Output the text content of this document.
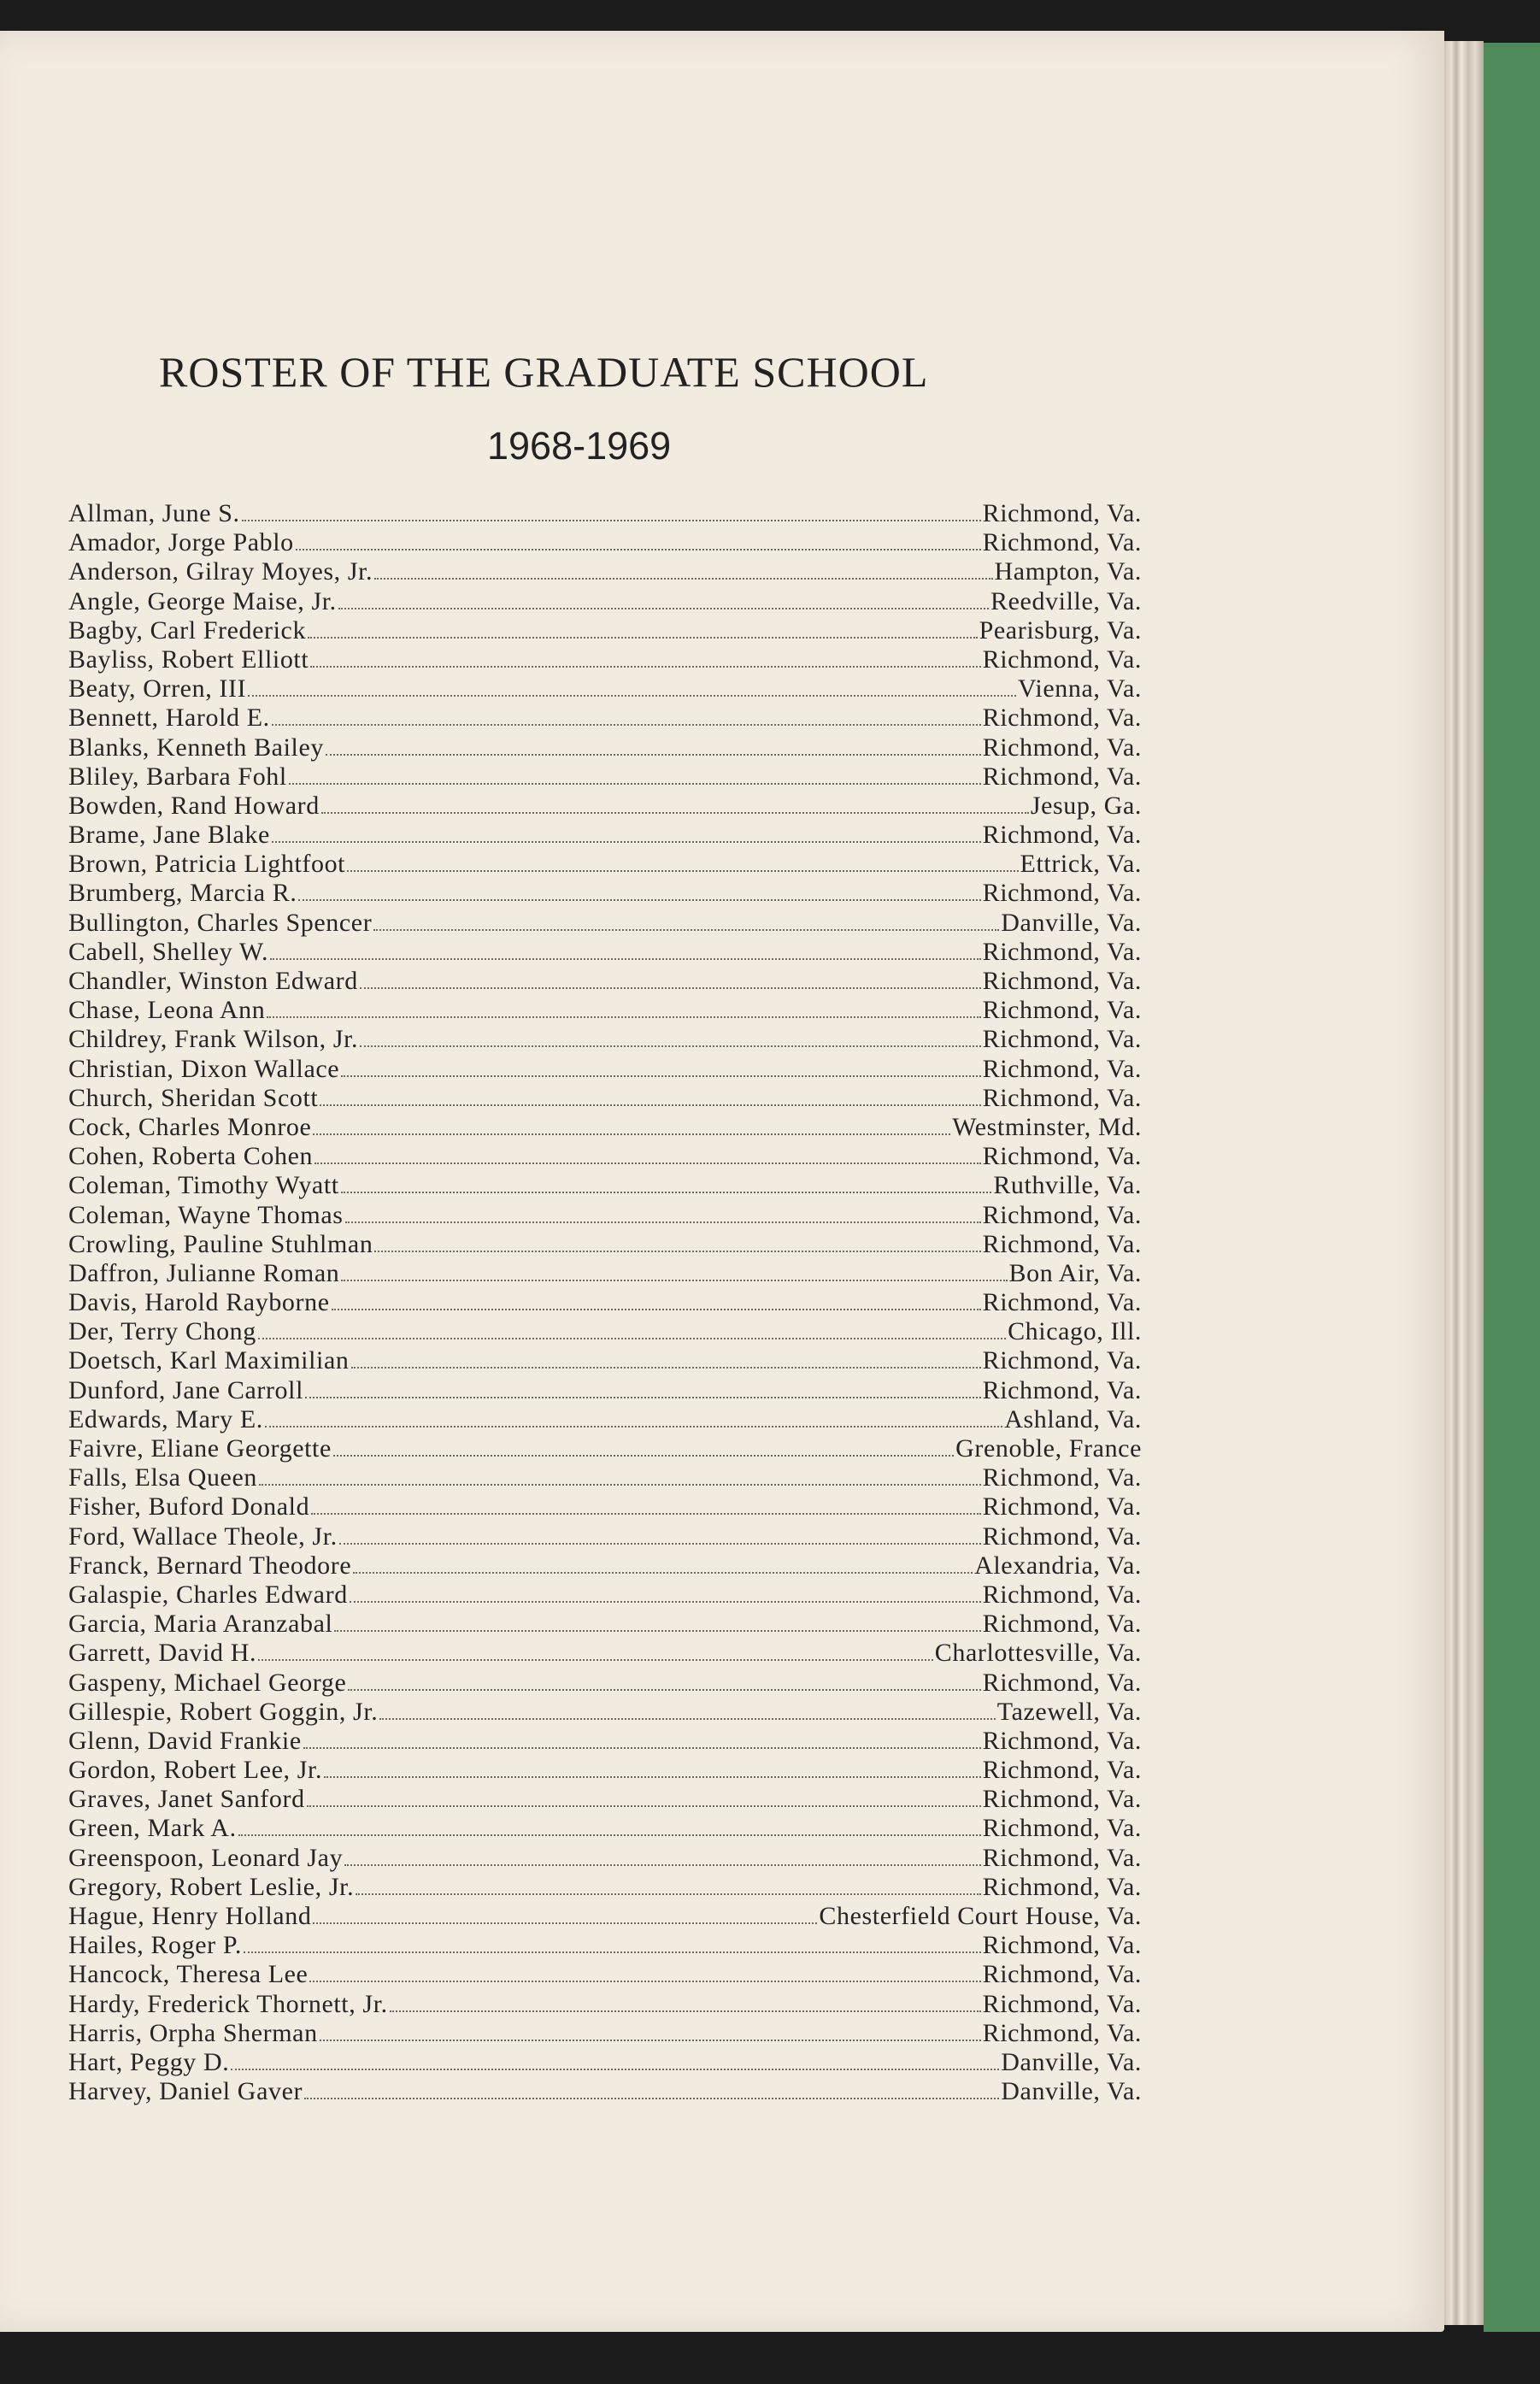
ROSTER OF THE GRADUATE SCHOOL
1968-1969
Allman, June S.	Richmond, Va.
Amador, Jorge Pablo	Richmond, Va.
Anderson, Gilray Moyes, Jr.	Hampton, Va.
Angle, George Maise, Jr.	Reedville, Va.
Bagby, Carl Frederick	Pearisburg, Va.
Bayliss, Robert Elliott	Richmond, Va.
Beaty, Orren, III	Vienna, Va.
Bennett, Harold E.	Richmond, Va.
Blanks, Kenneth Bailey	Richmond, Va.
Bliley, Barbara Fohl	Richmond, Va.
Bowden, Rand Howard	Jesup, Ga.
Brame, Jane Blake	Richmond, Va.
Brown, Patricia Lightfoot	Ettrick, Va.
Brumberg, Marcia R.	Richmond, Va.
Bullington, Charles Spencer	Danville, Va.
Cabell, Shelley W.	Richmond, Va.
Chandler, Winston Edward	Richmond, Va.
Chase, Leona Ann	Richmond, Va.
Childrey, Frank Wilson, Jr.	Richmond, Va.
Christian, Dixon Wallace	Richmond, Va.
Church, Sheridan Scott	Richmond, Va.
Cock, Charles Monroe	Westminster, Md.
Cohen, Roberta Cohen	Richmond, Va.
Coleman, Timothy Wyatt	Ruthville, Va.
Coleman, Wayne Thomas	Richmond, Va.
Crowling, Pauline Stuhlman	Richmond, Va.
Daffron, Julianne Roman	Bon Air, Va.
Davis, Harold Rayborne	Richmond, Va.
Der, Terry Chong	Chicago, Ill.
Doetsch, Karl Maximilian	Richmond, Va.
Dunford, Jane Carroll	Richmond, Va.
Edwards, Mary E.	Ashland, Va.
Faivre, Eliane Georgette	Grenoble, France
Falls, Elsa Queen	Richmond, Va.
Fisher, Buford Donald	Richmond, Va.
Ford, Wallace Theole, Jr.	Richmond, Va.
Franck, Bernard Theodore	Alexandria, Va.
Galaspie, Charles Edward	Richmond, Va.
Garcia, Maria Aranzabal	Richmond, Va.
Garrett, David H.	Charlottesville, Va.
Gaspeny, Michael George	Richmond, Va.
Gillespie, Robert Goggin, Jr.	Tazewell, Va.
Glenn, David Frankie	Richmond, Va.
Gordon, Robert Lee, Jr.	Richmond, Va.
Graves, Janet Sanford	Richmond, Va.
Green, Mark A.	Richmond, Va.
Greenspoon, Leonard Jay	Richmond, Va.
Gregory, Robert Leslie, Jr.	Richmond, Va.
Hague, Henry Holland	Chesterfield Court House, Va.
Hailes, Roger P.	Richmond, Va.
Hancock, Theresa Lee	Richmond, Va.
Hardy, Frederick Thornett, Jr.	Richmond, Va.
Harris, Orpha Sherman	Richmond, Va.
Hart, Peggy D.	Danville, Va.
Harvey, Daniel Gaver	Danville, Va.
